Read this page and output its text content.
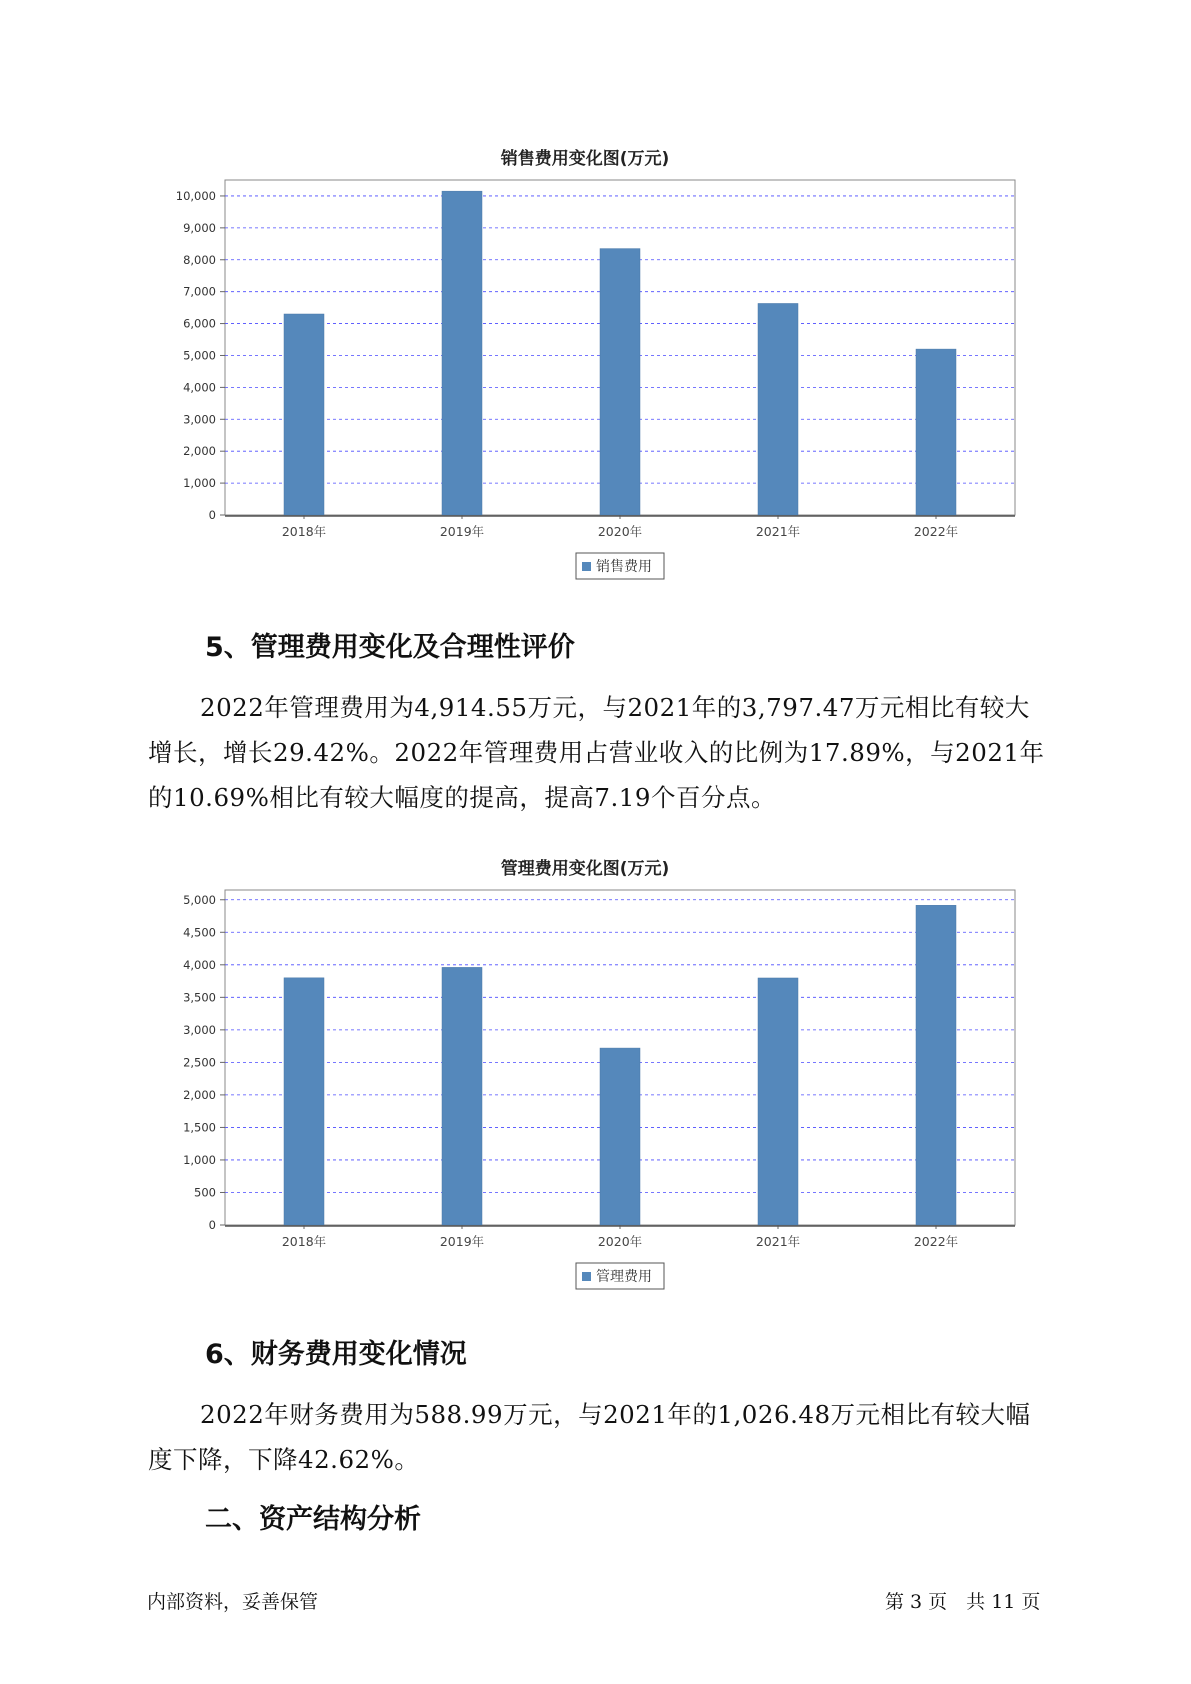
销售费用变化图(万元)
0
1,000
2,000
3,000
4,000
5,000
6,000
7,000
8,000
9,000
10,000
2018年	2019年	2020年	2021年	2022年
销售费用
5、管理费用变化及合理性评价

2022年管理费用为4,914.55万元，与2021年的3,797.47万元相比有较大增长，增长29.42%。2022年管理费用占营业收入的比例为17.89%，与2021年的10.69%相比有较大幅度的提高，提高7.19个百分点。

管理费用变化图(万元)
0
500
1,000
1,500
2,000
2,500
3,000
3,500
4,000
4,500
5,000
2018年	2019年	2020年	2021年	2022年
管理费用
6、财务费用变化情况

2022年财务费用为588.99万元，与2021年的1,026.48万元相比有较大幅度下降，下降42.62%。

二、资产结构分析
内部资料，妥善保管	第 3 页　共 11 页
